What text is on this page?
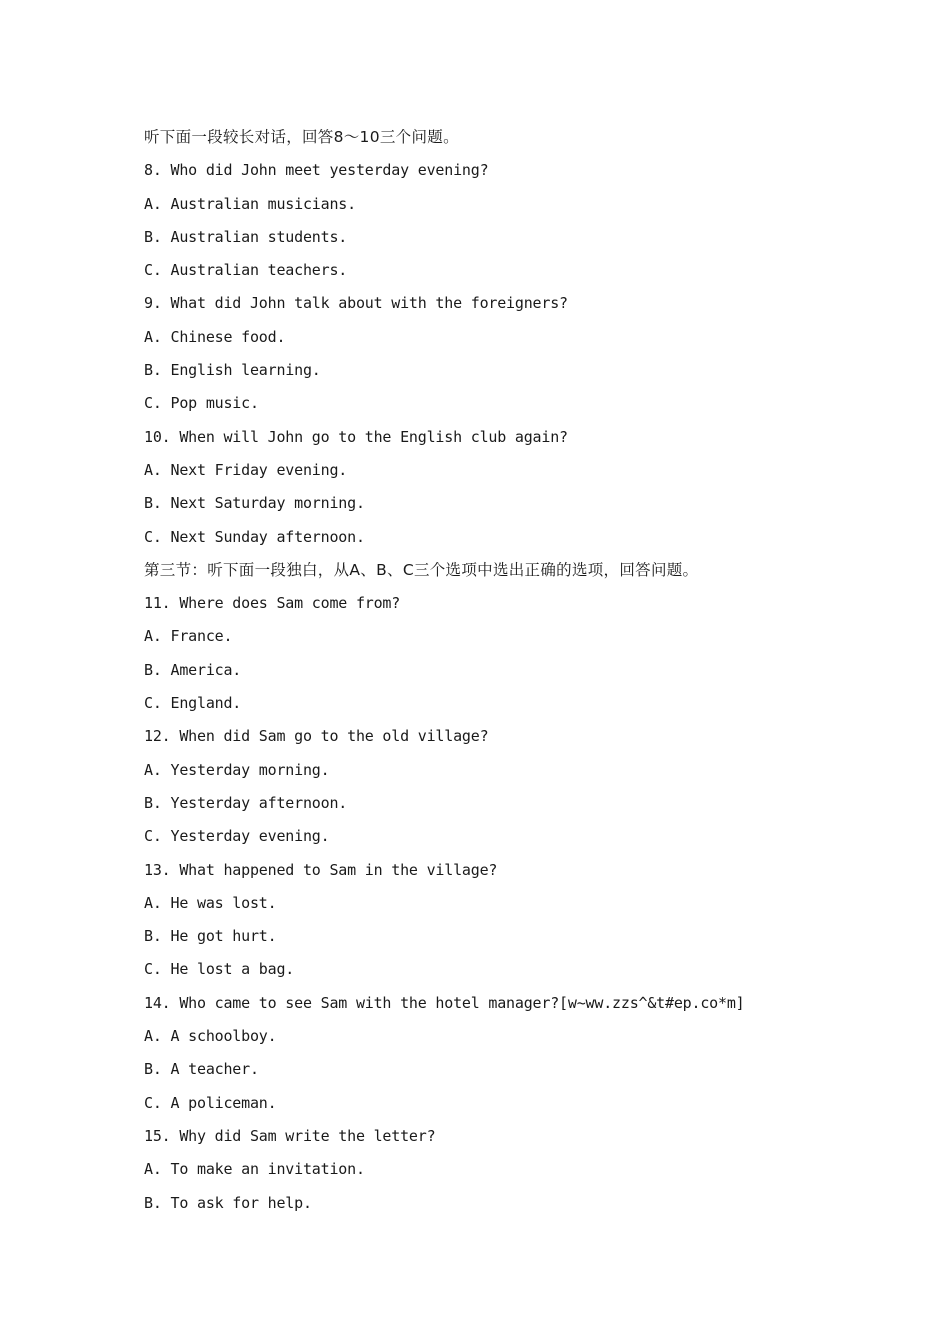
听下面一段较长对话，回答8～10三个问题。
8. Who did John meet yesterday evening?
A. Australian musicians.
B. Australian students.
C. Australian teachers.
9. What did John talk about with the foreigners?
A. Chinese food.
B. English learning.
C. Pop music.
10. When will John go to the English club again?
A. Next Friday evening.
B. Next Saturday morning.
C. Next Sunday afternoon.
第三节：听下面一段独白，从A、B、C三个选项中选出正确的选项，回答问题。
11. Where does Sam come from?
A. France.
B. America.
C. England.
12. When did Sam go to the old village?
A. Yesterday morning.
B. Yesterday afternoon.
C. Yesterday evening.
13. What happened to Sam in the village?
A. He was lost.
B. He got hurt.
C. He lost a bag.
14. Who came to see Sam with the hotel manager?[w~ww.zzs^&t#ep.co*m]
A. A schoolboy.
B. A teacher.
C. A policeman.
15. Why did Sam write the letter?
A. To make an invitation.
B. To ask for help.
